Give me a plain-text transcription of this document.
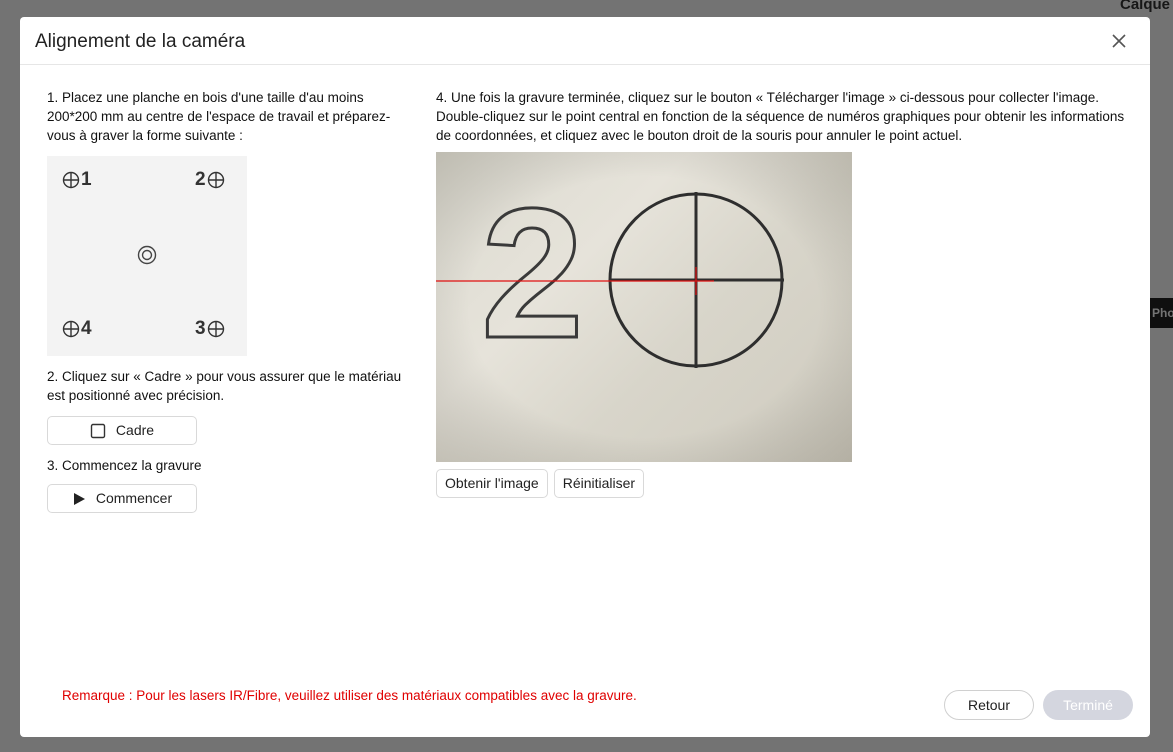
Alignement de la caméra

1. Placez une planche en bois d'une taille d'au moins 200*200 mm au centre de l'espace de travail et préparez-vous à graver la forme suivante :

1	2
4	3

2. Cliquez sur « Cadre » pour vous assurer que le matériau est positionné avec précision.

Cadre

3. Commencez la gravure

Commencer

4. Une fois la gravure terminée, cliquez sur le bouton « Télécharger l'image » ci-dessous pour collecter l'image. Double-cliquez sur le point central en fonction de la séquence de numéros graphiques pour obtenir les informations de coordonnées, et cliquez avec le bouton droit de la souris pour annuler le point actuel.

2
Obtenir l'image	Réinitialiser
Remarque : Pour les lasers IR/Fibre, veuillez utiliser des matériaux compatibles avec la gravure.
Retour	Terminé
